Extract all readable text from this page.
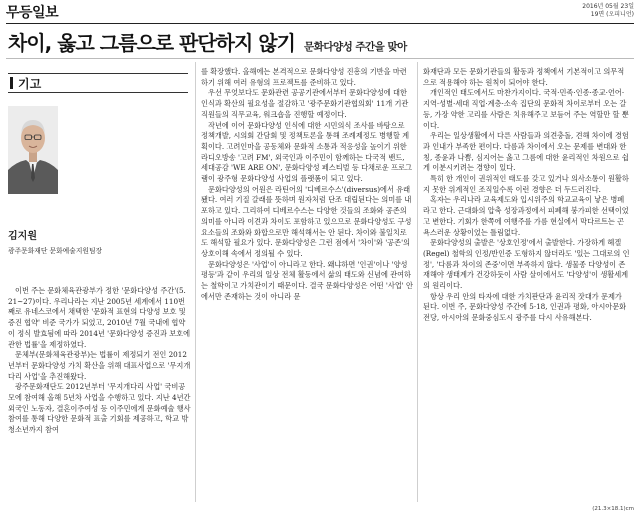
무등일보	2016년 05월 23일
19면 (오피니언)
차이, 옳고 그름으로 판단하지 않기 문화다양성 주간을 맞아
기고
김지원
광주문화재단 문화예술지원팀장

이번 주는 문화체육관광부가 정한 '문화다양성 주간'(5. 21~27)이다. 우리나라는 지난 2005년 세계에서 110번째로 유네스코에서 채택한 '문화적 표현의 다양성 보호 및 증진 협약' 비준 국가가 되었고, 2010년 7월 국내에 협약이 정식 발효됨에 따라 2014년 '문화다양성 증진과 보호에 관한 법률'을 제정하였다.

문체부(문화체육관광부)는 법률이 제정되기 전인 2012년부터 문화다양성 가치 확산을 위해 대표사업으로 '무지개다리 사업'을 추진해왔다.

광주문화재단도 2012년부터 '무지개다리 사업' 국비공모에 참여해 올해 5년차 사업을 수행하고 있다. 지난 4년간 외국인 노동자, 결혼이주여성 등 이주민에게 문화예술 행사 참여를 통해 다양한 문화적 표출 기회를 제공하고, 학교 밖 청소년까지 참여

를 확장했다. 올해에는 본격적으로 문화다양성 진흥의 기반을 마련하기 위해 여러 유형의 프로젝트를 준비하고 있다.

우선 무엇보다도 문화관련 공공기관에서부터 문화다양성에 대한 인식과 확산의 필요성을 절감하고 '광주문화기관협의회' 11개 기관 직원들의 직무교육, 워크숍을 진행할 예정이다.

작년에 이어 문화다양성 인식에 대한 시민의식 조사를 바탕으로 정책개발, 시의회 간담회 및 정책토론을 통해 조례제정도 병행할 계획이다. 고려인마을 공동체와 문화적 소통과 적응성을 높이기 위한 라디오방송 '고려 FM', 외국인과 이주민이 함께하는 다국적 밴드, 세대공감 'WE ARE ON', 문화다양성 페스티벌 등 다채로운 프로그램이 광주형 문화다양성 사업의 플랫폼이 되고 있다.

문화다양성의 어원은 라틴어의 '디베르수스'(diversus)에서 유래됐다. 여러 기질 갈래를 뜻하며 원자처럼 단조 대립된다는 의미를 내포하고 있다. 그리하여 디베르수스는 다양한 것들의 조화와 공존의 의미를 아니라 이견과 차이도 포함하고 있으므로 문화다양성도 구성 요소들의 조화와 화합으로만 해석해서는 안 된다. 차이와 불일치로도 해석할 필요가 있다. 문화다양성은 그런 점에서 '차이'와 '공존'의 상호이해 속에서 정의될 수 있다.

문화다양성은 '사업'이 아니라고 한다. 왜냐하면 '인권'이나 '양성평등'과 같이 우리의 일상 전체 활동에서 삶의 태도와 신념에 관여하는 철학이고 가치관이기 때문이다. 결국 문화다양성은 어떤 '사업' 안에서만 존재하는 것이 아니라 문

화재단과 모든 문화기관들의 활동과 정책에서 기본적이고 의무적으로 적용해야 하는 원칙이 되어야 한다.

개인적인 태도에서도 마찬가지이다. 국적·민족·인종·종교·언어·지역·성별·세대 직업·계층·소속 집단의 문화적 차이로부터 오는 갈등, 가장 약한 고리를 사람은 치유해주고 보듬어 주는 역할만 할 뿐이다.

우리는 일상생활에서 다른 사람들과 의견충돌, 견해 차이에 경험과 인내가 부족한 편이다. 다름과 차이에서 오는 문제를 변대와 한칭, 종윤과 나쁨, 심지어는 옳고 그름에 대한 윤리적인 차원으로 쉽게 이분시키려는 경향이 있다.

특히 한 개인이 권위적인 태도를 갖고 있거나 의사소통이 원활하지 못한 위계적인 조직일수록 이런 경향은 더 두드러진다.

혹자는 우리나라 교육제도와 입시위주의 학교교육이 낳은 병폐라고 한다. 근대화의 압축 성장과정에서 피폐해 붕가피한 선택이었고 변한다. 기회가 한쪽에 여행주를 가름 현실에서 막다르트는 곤욕스러운 상황이었는 틀림없다.

문화다양성의 출발은 '상호인정'에서 출발한다. 가장하게 헤겔(Regel) 철학의 인정/반인증 도형하지 않더라도 '있는 그대로의 인정', '다름과 차이의 존중'이면 부족하지 않다. 생물종 다양성이 존재해야 생태계가 건강하듯이 사람 살이에서도 '다양성'이 생활세계의 원리이다.

항상 우리 안의 타자에 대한 가치판단과 윤리적 잣대가 문제가 된다. 이번 주, 문화다양성 주간에 5·18, 인권과 평화, 아시아문화전당, 아시아의 문화중심도시 광주를 다시 사유해본다.

(21.3×18.1)cm
